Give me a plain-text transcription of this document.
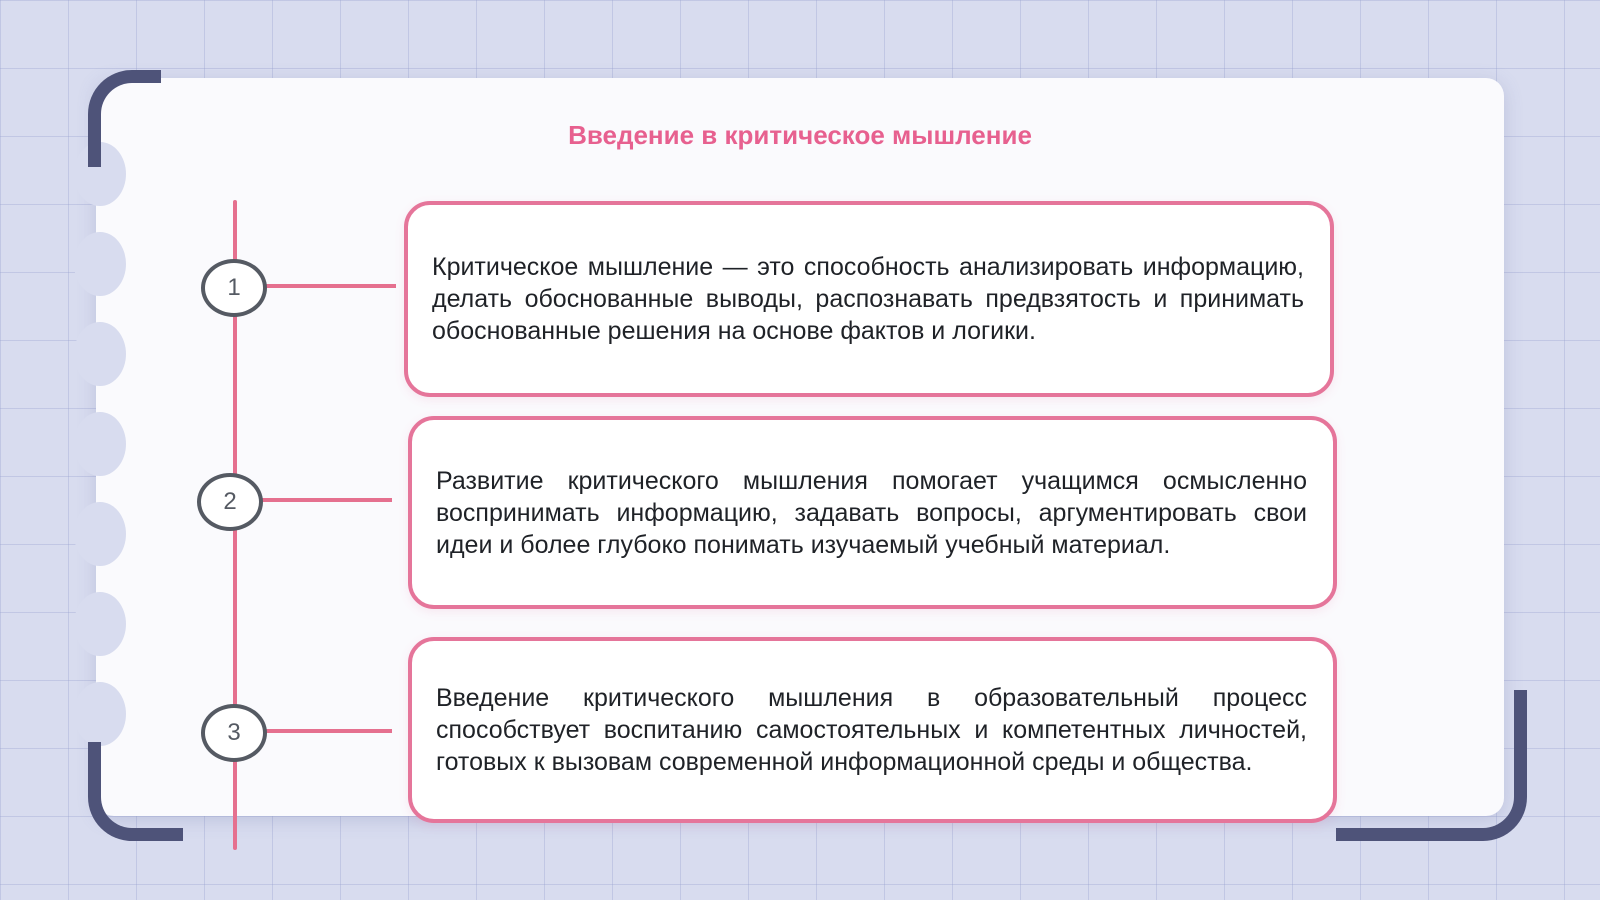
Введение в критическое мышление
1

Критическое мышление — это способность анализировать информацию, делать обоснованные выводы, распознавать предвзятость и принимать обоснованные решения на основе фактов и логики.

2

Развитие критического мышления помогает учащимся осмысленно воспринимать информацию, задавать вопросы, аргументировать свои идеи и более глубоко понимать изучаемый учебный материал.

3

Введение критического мышления в образовательный процесс способствует воспитанию самостоятельных и компетентных личностей, готовых к вызовам современной информационной среды и общества.
